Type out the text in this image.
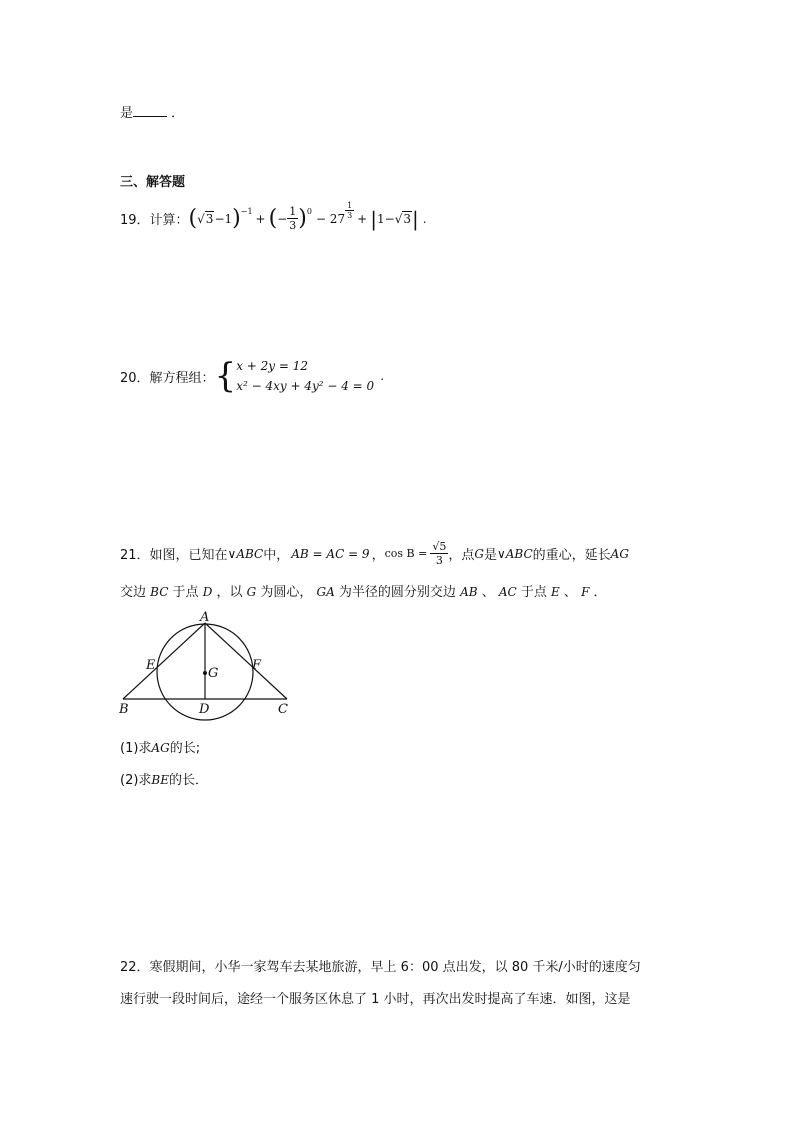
是	．
三、解答题
19．计算： ( √3 −1 ) −1 + ( − $\frac{1}{3}$ ) $0 - 27 \frac{1}{3}$ + | 1− √3 | .
20．解方程组： { x + 2y = 12
x² − 4xy + 4y² − 4 = 0
.
21．如图，已知在 ∨ABC 中， AB = AC = 9 ， $\cos B = \frac{√5}{3}$ ，点 G 是 ∨ABC 的重心，延长 AG
交边 BC 于点 D ，以 G 为圆心， GA 为半径的圆分别交边 AB 、 AC 于点 E 、 F ．
A
B	C
D
E	F
G
(1)求AG的长;
(2)求BE的长．
22．寒假期间，小华一家驾车去某地旅游，早上 6：00 点出发，以 80 千米/小时的速度匀
速行驶一段时间后，途经一个服务区休息了 1 小时，再次出发时提高了车速．如图，这是
